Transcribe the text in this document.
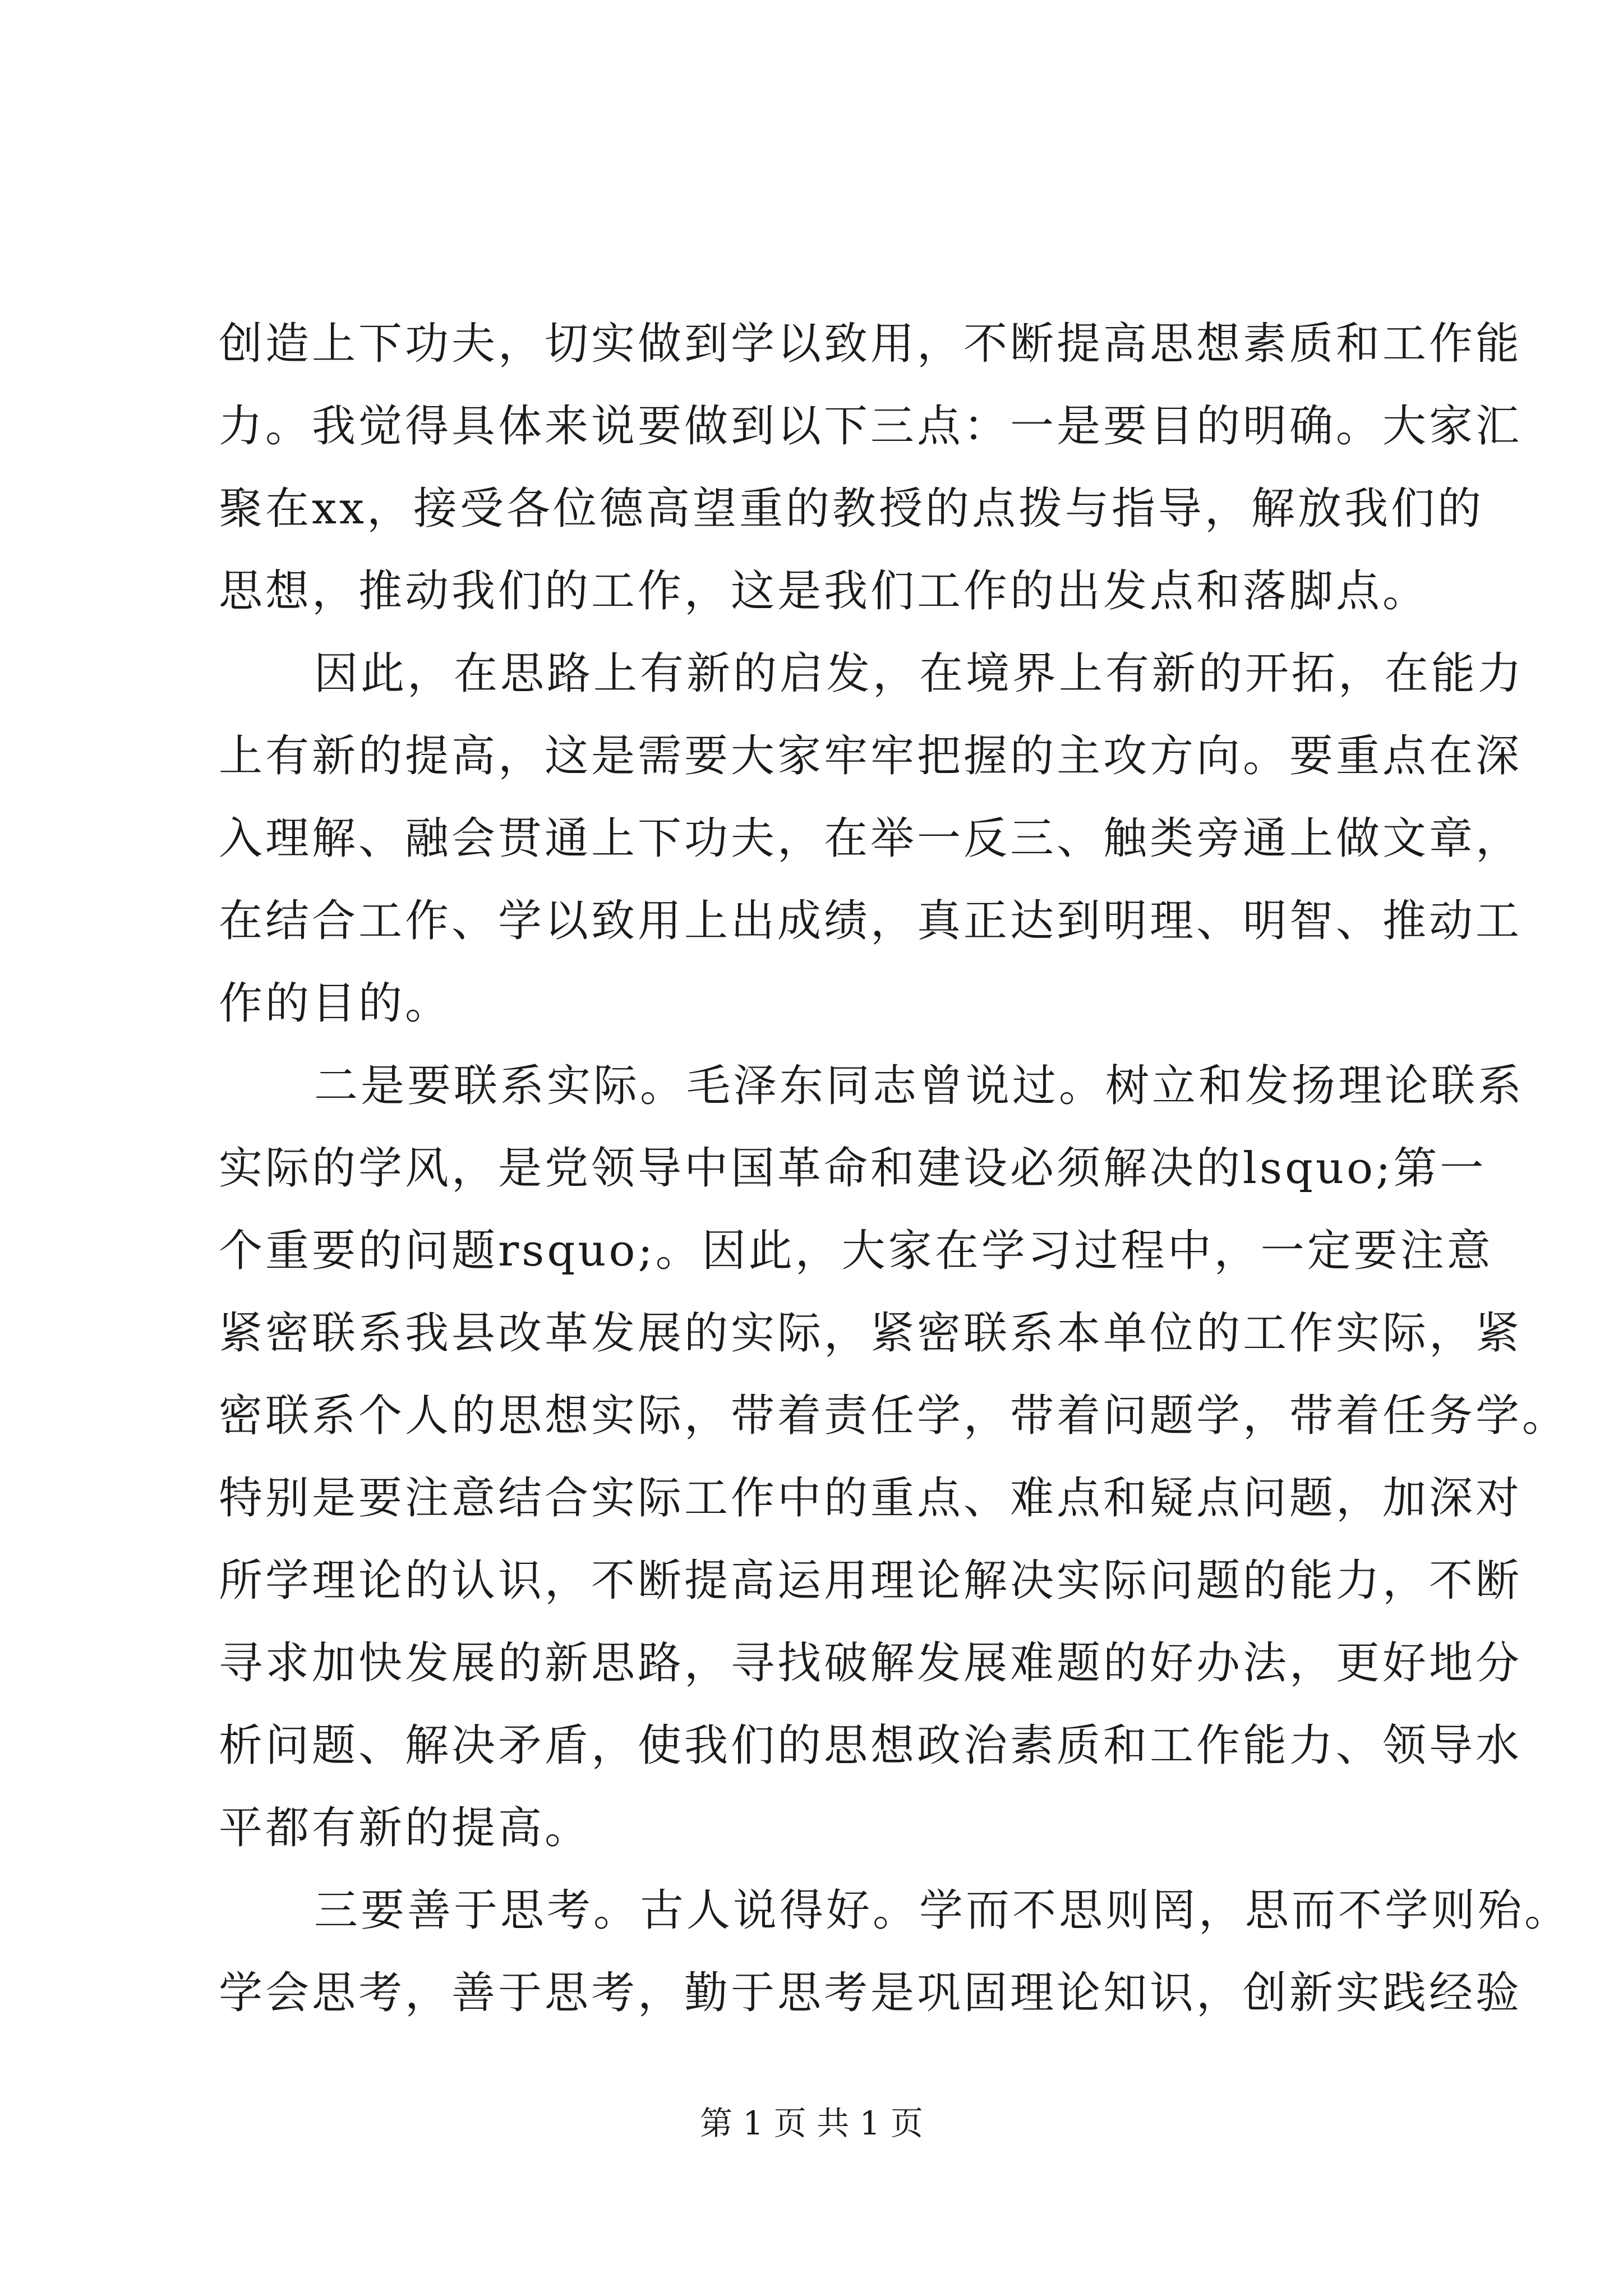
创造上下功夫，切实做到学以致用，不断提高思想素质和工作能
力。我觉得具体来说要做到以下三点：一是要目的明确。大家汇
聚在xx，接受各位德高望重的教授的点拨与指导，解放我们的
思想，推动我们的工作，这是我们工作的出发点和落脚点。
因此，在思路上有新的启发，在境界上有新的开拓，在能力
上有新的提高，这是需要大家牢牢把握的主攻方向。要重点在深
入理解、融会贯通上下功夫，在举一反三、触类旁通上做文章，
在结合工作、学以致用上出成绩，真正达到明理、明智、推动工
作的目的。
二是要联系实际。毛泽东同志曾说过。树立和发扬理论联系
实际的学风，是党领导中国革命和建设必须解决的lsquo;第一
个重要的问题rsquo;。因此，大家在学习过程中，一定要注意
紧密联系我县改革发展的实际，紧密联系本单位的工作实际，紧
密联系个人的思想实际，带着责任学，带着问题学，带着任务学。
特别是要注意结合实际工作中的重点、难点和疑点问题，加深对
所学理论的认识，不断提高运用理论解决实际问题的能力，不断
寻求加快发展的新思路，寻找破解发展难题的好办法，更好地分
析问题、解决矛盾，使我们的思想政治素质和工作能力、领导水
平都有新的提高。
三要善于思考。古人说得好。学而不思则罔，思而不学则殆。
学会思考，善于思考，勤于思考是巩固理论知识，创新实践经验
第 1 页 共 1 页
